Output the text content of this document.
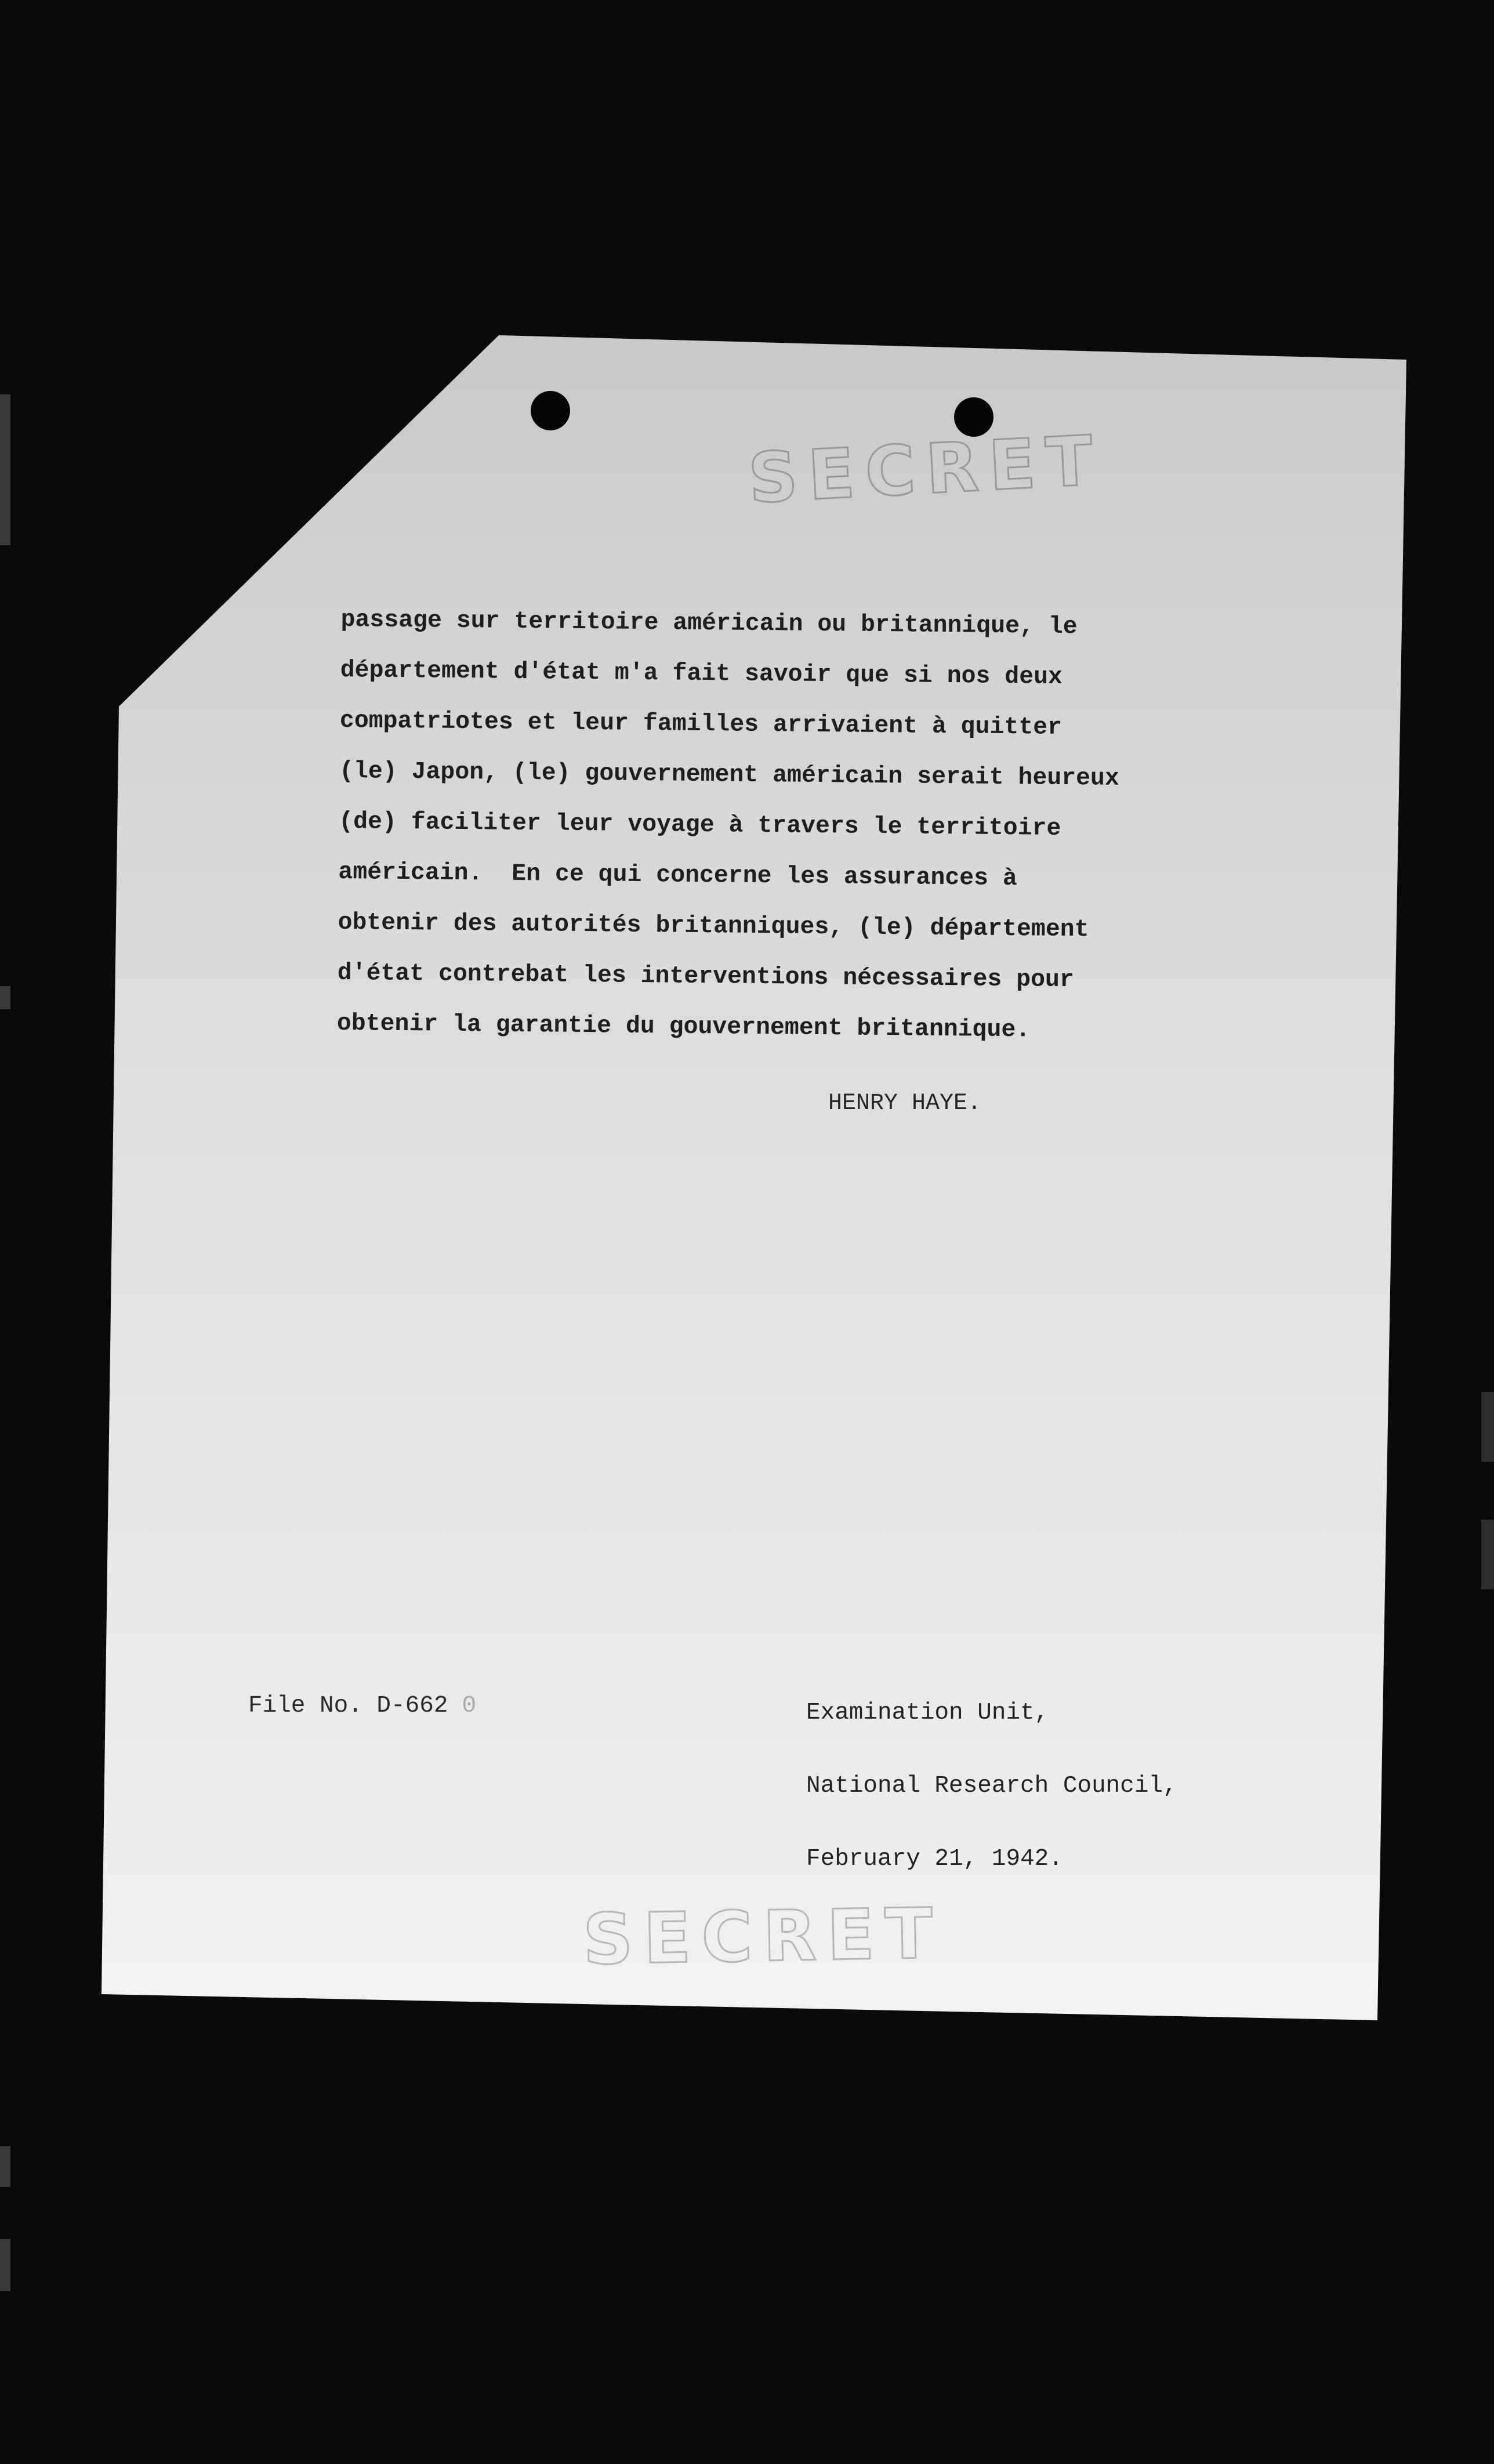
SECRET
passage sur territoire américain ou britannique, le
département d'état m'a fait savoir que si nos deux
compatriotes et leur familles arrivaient à quitter
(le) Japon, (le) gouvernement américain serait heureux
(de) faciliter leur voyage à travers le territoire
américain.  En ce qui concerne les assurances à
obtenir des autorités britanniques, (le) département
d'état contrebat les interventions nécessaires pour
obtenir la garantie du gouvernement britannique.
HENRY HAYE.
File No. D-662 0

	Examination Unit,

National Research Council,

February 21, 1942.

SECRET
